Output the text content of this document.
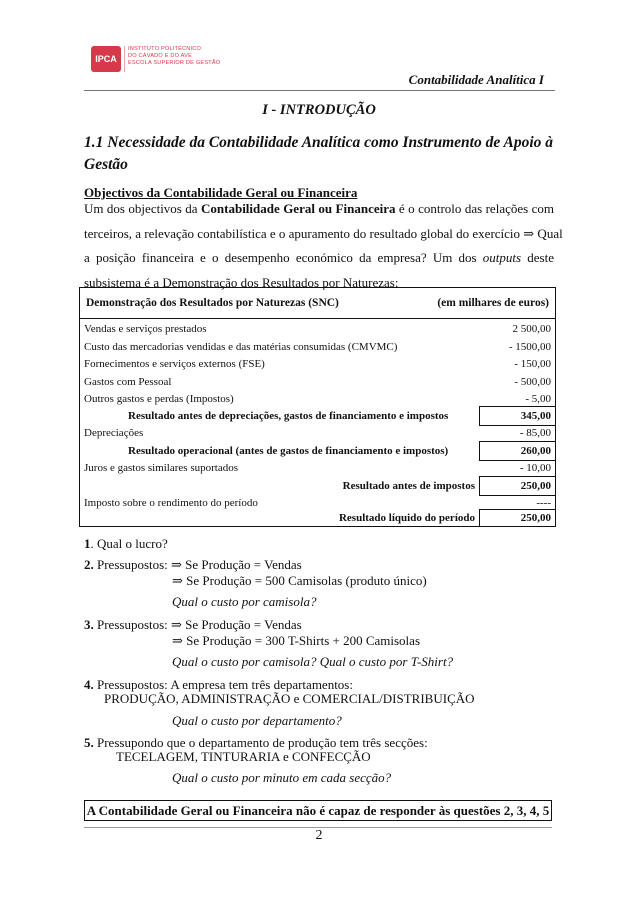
IPCA
INSTITUTO POLITÉCNICO
DO CÁVADO E DO AVE
ESCOLA SUPERIOR DE GESTÃO
Contabilidade Analítica I
I - INTRODUÇÃO
1.1 Necessidade da Contabilidade Analítica como Instrumento de Apoio à
Gestão
Objectivos da Contabilidade Geral ou Financeira
Um dos objectivos da Contabilidade Geral ou Financeira é o controlo das relações com
terceiros, a relevação contabilística e o apuramento do resultado global do exercício ⇒ Qual
a posição financeira e o desempenho económico da empresa? Um dos outputs deste
subsistema é a Demonstração dos Resultados por Naturezas:
Demonstração dos Resultados por Naturezas (SNC)	(em milhares de euros)
Vendas e serviços prestados	2 500,00
Custo das mercadorias vendidas e das matérias consumidas (CMVMC)	- 1500,00
Fornecimentos e serviços externos (FSE)	- 150,00
Gastos com Pessoal	- 500,00
Outros gastos e perdas (Impostos)	- 5,00
Resultado antes de depreciações, gastos de financiamento e impostos	345,00
Depreciações	- 85,00
Resultado operacional (antes de gastos de financiamento e impostos)	260,00
Juros e gastos similares suportados	- 10,00
Resultado antes de impostos	250,00
Imposto sobre o rendimento do período	----
Resultado líquido do período	250,00
1. Qual o lucro?
2. Pressupostos: ⇒ Se Produção = Vendas
⇒ Se Produção = 500 Camisolas (produto único)
Qual o custo por camisola?
3. Pressupostos: ⇒ Se Produção = Vendas
⇒ Se Produção = 300 T-Shirts + 200 Camisolas
Qual o custo por camisola? Qual o custo por T-Shirt?
4. Pressupostos: A empresa tem três departamentos:
PRODUÇÃO, ADMINISTRAÇÃO e COMERCIAL/DISTRIBUIÇÃO
Qual o custo por departamento?
5. Pressupondo que o departamento de produção tem três secções:
TECELAGEM, TINTURARIA e CONFECÇÃO
Qual o custo por minuto em cada secção?
A Contabilidade Geral ou Financeira não é capaz de responder às questões 2, 3, 4, 5
2
